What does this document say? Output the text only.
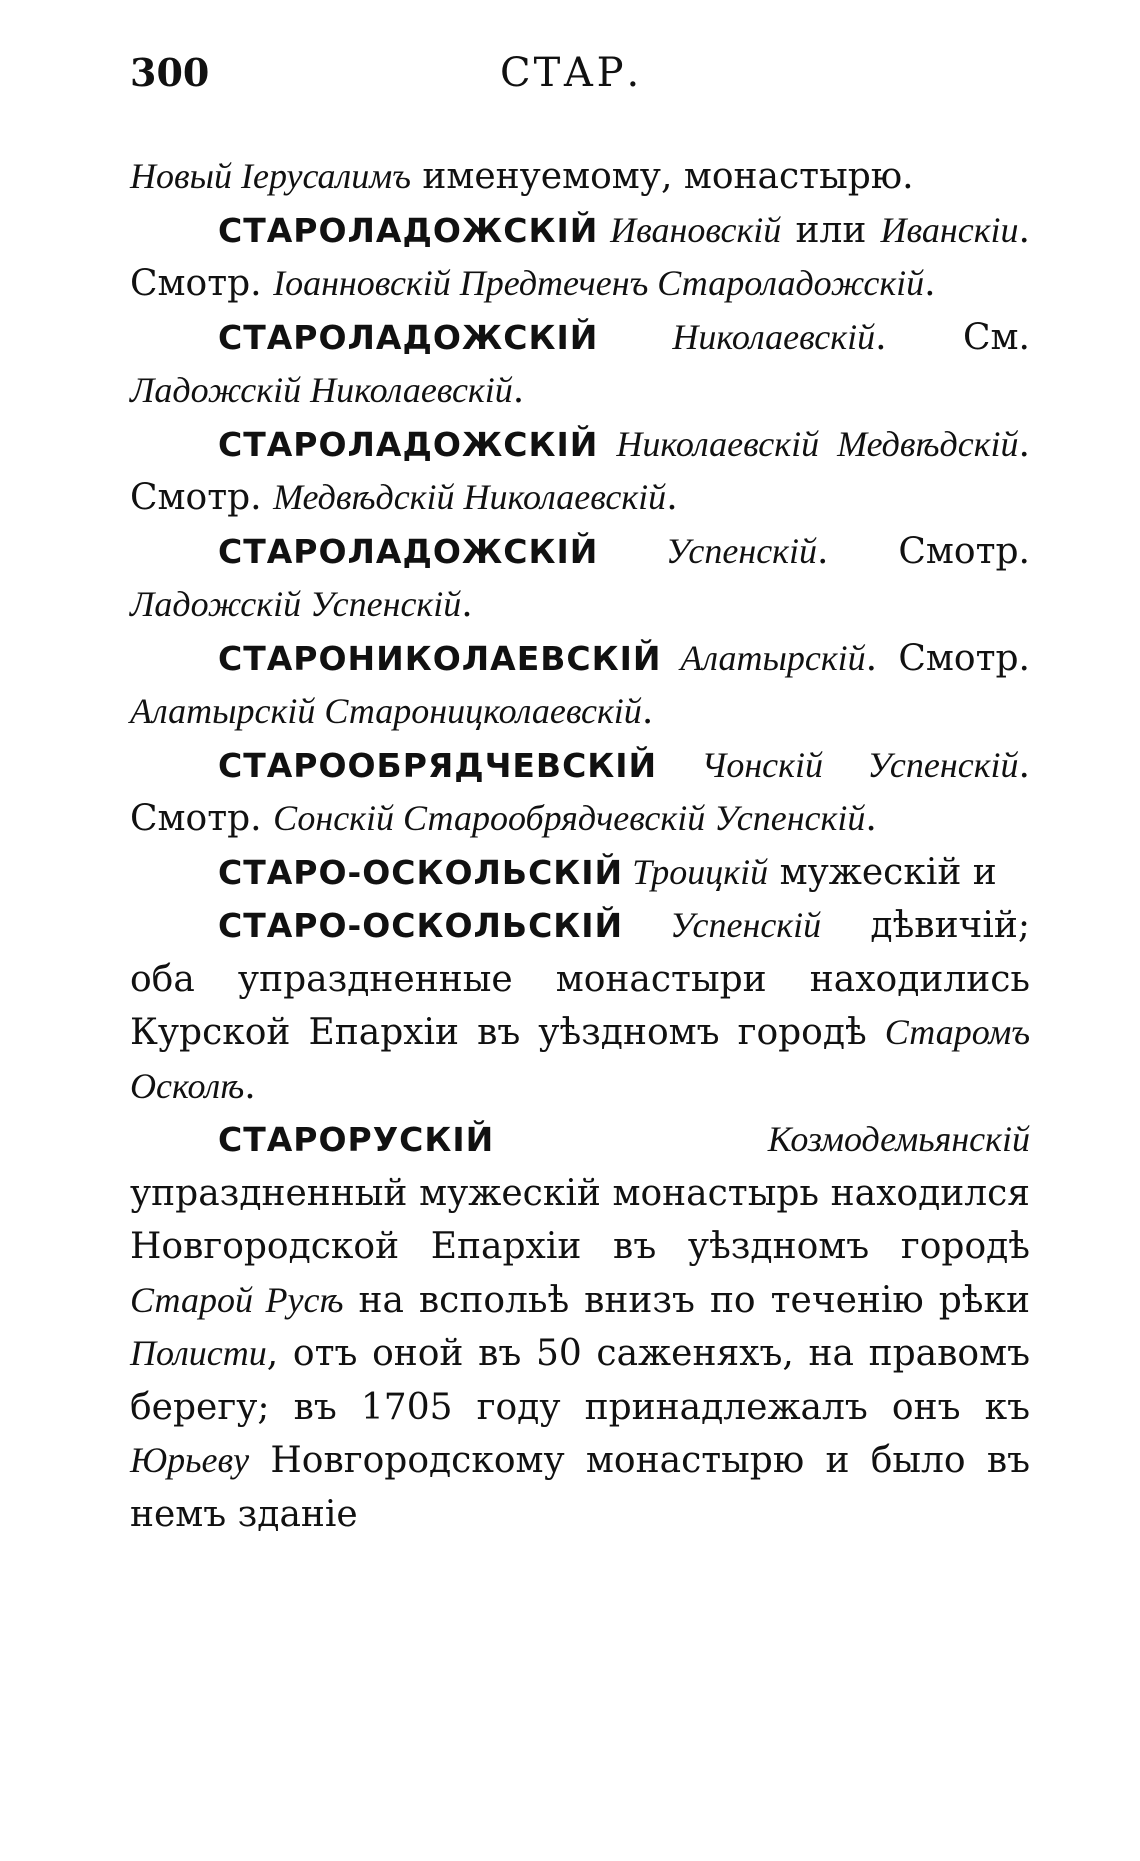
300	СТАР.

Новый Iерусалимъ именуемому, монастырю.

СТАРОЛАДОЖСКIЙ Ивановскiй или Иванскiи. Смотр. Iоанновскiй Предтеченъ Староладожскiй.

СТАРОЛАДОЖСКIЙ Николаевскiй. См. Ладожскiй Николаевскiй.

СТАРОЛАДОЖСКIЙ Николаевскiй Медвѣдскiй. Смотр. Медвѣдскiй Николаевскiй.

СТАРОЛАДОЖСКIЙ Успенскiй. Смотр. Ладожскiй Успенскiй.

СТАРОНИКОЛАЕВСКIЙ Алатырскiй. Смотр. Алатырскiй Староницколаевскiй.

СТАРООБРЯДЧЕВСКIЙ Чонскiй Успенскiй. Смотр. Сонскiй Старообрядчевскiй Успенскiй.

СТАРО-ОСКОЛЬСКIЙ Троицкiй мужескiй и

СТАРО-ОСКОЛЬСКIЙ Успенскiй дѣвичiй; оба упраздненные монастыри находились Курской Епархiи въ уѣздномъ городѣ Старомъ Осколѣ.

СТАРОРУСКIЙ Козмодемьянскiй упраздненный мужескiй монастырь находился Новгородской Епархiи въ уѣздномъ городѣ Старой Русѣ на вспольѣ внизъ по теченiю рѣки Полисти, отъ оной въ 50 саженяхъ, на правомъ берегу; въ 1705 году принадлежалъ онъ къ Юрьеву Новгородскому монастырю и было въ немъ зданiе
